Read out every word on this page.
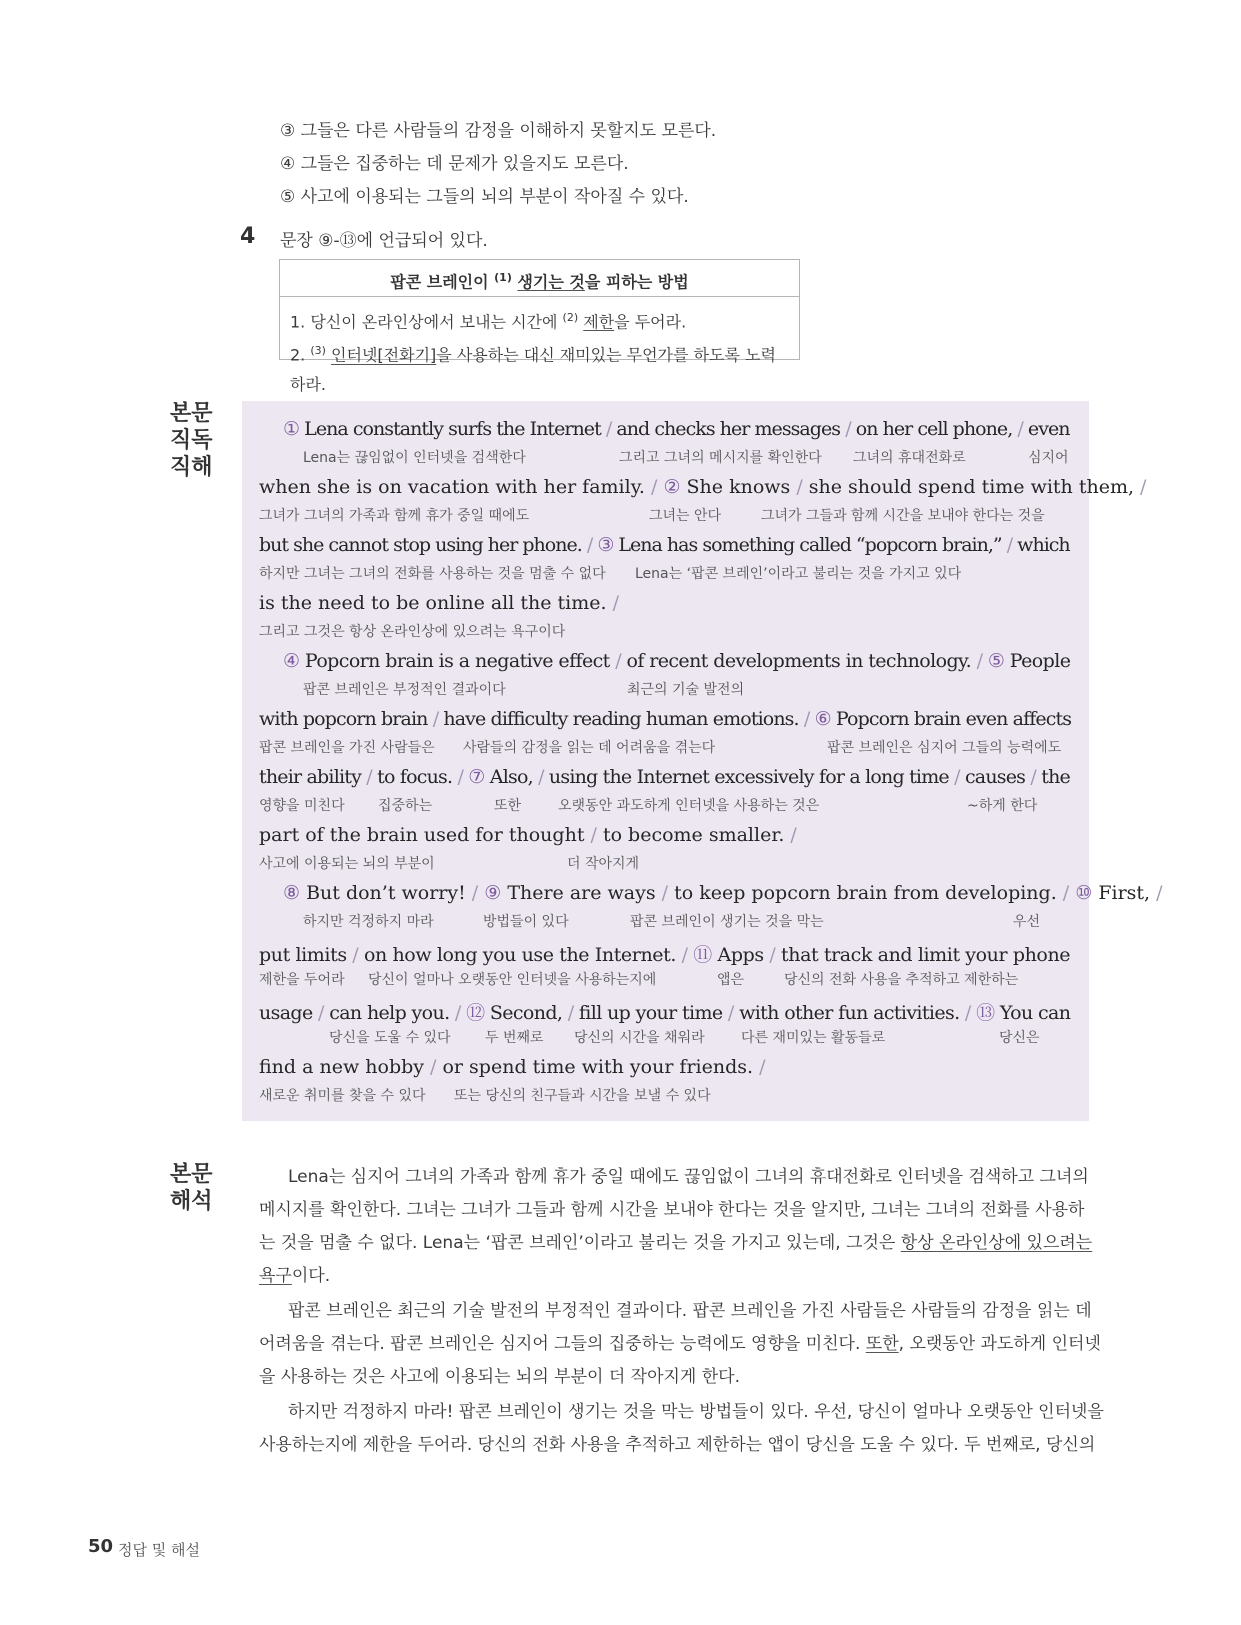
③ 그들은 다른 사람들의 감정을 이해하지 못할지도 모른다.
④ 그들은 집중하는 데 문제가 있을지도 모른다.
⑤ 사고에 이용되는 그들의 뇌의 부분이 작아질 수 있다.
4 문장 ⑨-⑬에 언급되어 있다.
팝콘 브레인이 $^{(1)}$ 생기는 것을 피하는 방법
1. 당신이 온라인상에서 보내는 시간에 $^{(2)}$ 제한을 두어라.
2. $^{(3)}$ 인터넷[전화기]을 사용하는 대신 재미있는 무언가를 하도록 노력하라.
본문
직독
직해
① Lena constantly surfs the Internet / and checks her messages / on her cell phone, / even
Lena는 끊임없이 인터넷을 검색한다	그리고 그녀의 메시지를 확인한다 그녀의 휴대전화로	심지어
when she is on vacation with her family. / ② She knows / she should spend time with them, /
그녀가 그녀의 가족과 함께 휴가 중일 때에도	그녀는 안다	그녀가 그들과 함께 시간을 보내야 한다는 것을
but she cannot stop using her phone. / ③ Lena has something called “popcorn brain,” / which
하지만 그녀는 그녀의 전화를 사용하는 것을 멈출 수 없다 Lena는 ‘팝콘 브레인’이라고 불리는 것을 가지고 있다
is the need to be online all the time. /
그리고 그것은 항상 온라인상에 있으려는 욕구이다
④ Popcorn brain is a negative effect / of recent developments in technology. / ⑤ People
팝콘 브레인은 부정적인 결과이다	최근의 기술 발전의
with popcorn brain / have difficulty reading human emotions. / ⑥ Popcorn brain even affects
팝콘 브레인을 가진 사람들은 사람들의 감정을 읽는 데 어려움을 겪는다	팝콘 브레인은 심지어 그들의 능력에도
their ability / to focus. / ⑦ Also, / using the Internet excessively for a long time / causes / the
영향을 미친다 집중하는	또한	오랫동안 과도하게 인터넷을 사용하는 것은	~하게 한다
part of the brain used for thought / to become smaller. /
사고에 이용되는 뇌의 부분이	더 작아지게
⑧ But don’t worry! / ⑨ There are ways / to keep popcorn brain from developing. / ⑩ First, /
하지만 걱정하지 마라	방법들이 있다	팝콘 브레인이 생기는 것을 막는	우선
put limits / on how long you use the Internet. / ⑪ Apps / that track and limit your phone
제한을 두어라 당신이 얼마나 오랫동안 인터넷을 사용하는지에	앱은	당신의 전화 사용을 추적하고 제한하는
usage / can help you. / ⑫ Second, / fill up your time / with other fun activities. / ⑬ You can
당신을 도울 수 있다 두 번째로 당신의 시간을 채워라	다른 재미있는 활동들로	당신은
find a new hobby / or spend time with your friends. /
새로운 취미를 찾을 수 있다 또는 당신의 친구들과 시간을 보낼 수 있다
본문
해석
Lena는 심지어 그녀의 가족과 함께 휴가 중일 때에도 끊임없이 그녀의 휴대전화로 인터넷을 검색하고 그녀의
메시지를 확인한다. 그녀는 그녀가 그들과 함께 시간을 보내야 한다는 것을 알지만, 그녀는 그녀의 전화를 사용하
는 것을 멈출 수 없다. Lena는 ‘팝콘 브레인’이라고 불리는 것을 가지고 있는데, 그것은 항상 온라인상에 있으려는
욕구이다.
팝콘 브레인은 최근의 기술 발전의 부정적인 결과이다. 팝콘 브레인을 가진 사람들은 사람들의 감정을 읽는 데
어려움을 겪는다. 팝콘 브레인은 심지어 그들의 집중하는 능력에도 영향을 미친다. 또한, 오랫동안 과도하게 인터넷
을 사용하는 것은 사고에 이용되는 뇌의 부분이 더 작아지게 한다.
하지만 걱정하지 마라! 팝콘 브레인이 생기는 것을 막는 방법들이 있다. 우선, 당신이 얼마나 오랫동안 인터넷을
사용하는지에 제한을 두어라. 당신의 전화 사용을 추적하고 제한하는 앱이 당신을 도울 수 있다. 두 번째로, 당신의
50 정답 및 해설
